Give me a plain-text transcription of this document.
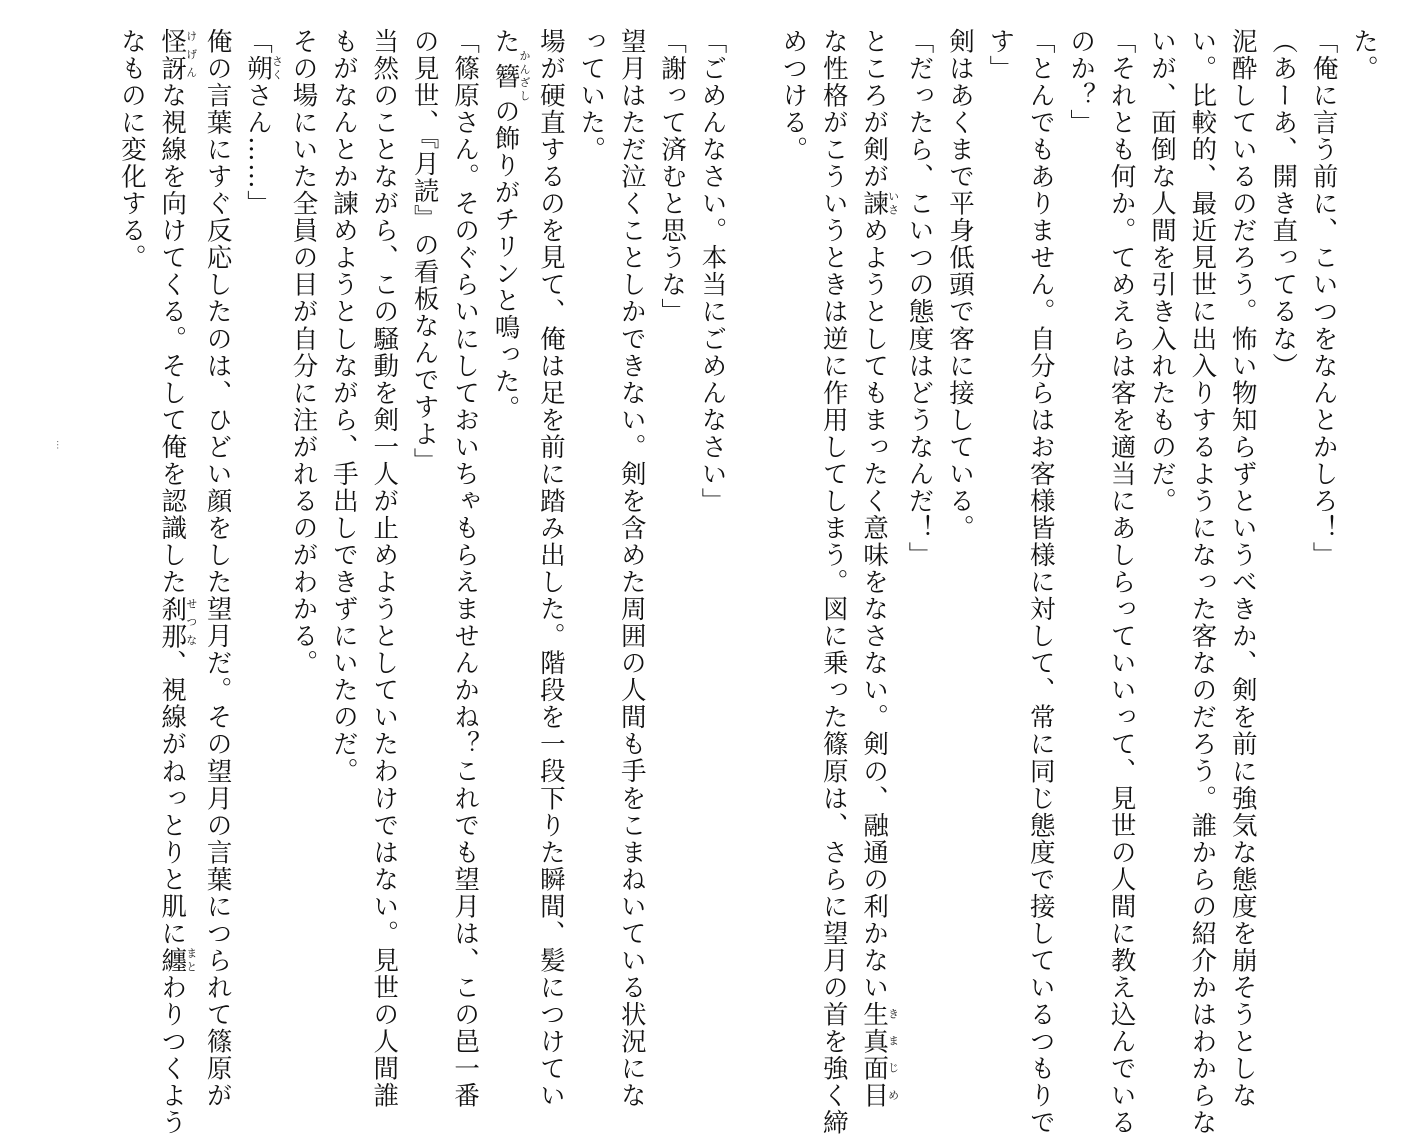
た。
「俺に言う前に、こいつをなんとかしろ！」
（あーあ、開き直ってるな）
泥酔しているのだろう。怖い物知らずというべきか、剣を前に強気な態度を崩そうとしな
い。比較的、最近見世に出入りするようになった客なのだろう。誰からの紹介かはわからな
いが、面倒な人間を引き入れたものだ。
「それとも何か。てめえらは客を適当にあしらっていいって、見世の人間に教え込んでいる
のか？」
「とんでもありません。自分らはお客様皆様に対して、常に同じ態度で接しているつもりで
す」
剣はあくまで平身低頭で客に接している。
「だったら、こいつの態度はどうなんだ！」
ところが剣が諫いさめようとしてもまったく意味をなさない。剣の、融通の利かない生真面目きまじめ
な性格がこういうときは逆に作用してしまう。図に乗った篠原は、さらに望月の首を強く締
めつける。

「ごめんなさい。本当にごめんなさい」
「謝って済むと思うな」
望月はただ泣くことしかできない。剣を含めた周囲の人間も手をこまねいている状況にな
っていた。
場が硬直するのを見て、俺は足を前に踏み出した。階段を一段下りた瞬間、髪につけてい
た簪かんざしの飾りがチリンと鳴った。
「篠原さん。そのぐらいにしておいちゃもらえませんかね？これでも望月は、この邑一番
の見世、『月読』の看板なんですよ」
当然のことながら、この騒動を剣一人が止めようとしていたわけではない。見世の人間誰
もがなんとか諫めようとしながら、手出しできずにいたのだ。
その場にいた全員の目が自分に注がれるのがわかる。
「朔さくさん……」
俺の言葉にすぐ反応したのは、ひどい顔をした望月だ。その望月の言葉につられて篠原が
怪訝けげんな視線を向けてくる。そして俺を認識した刹那せつな、視線がねっとりと肌に纏まとわりつくよう
なものに変化する。
...
